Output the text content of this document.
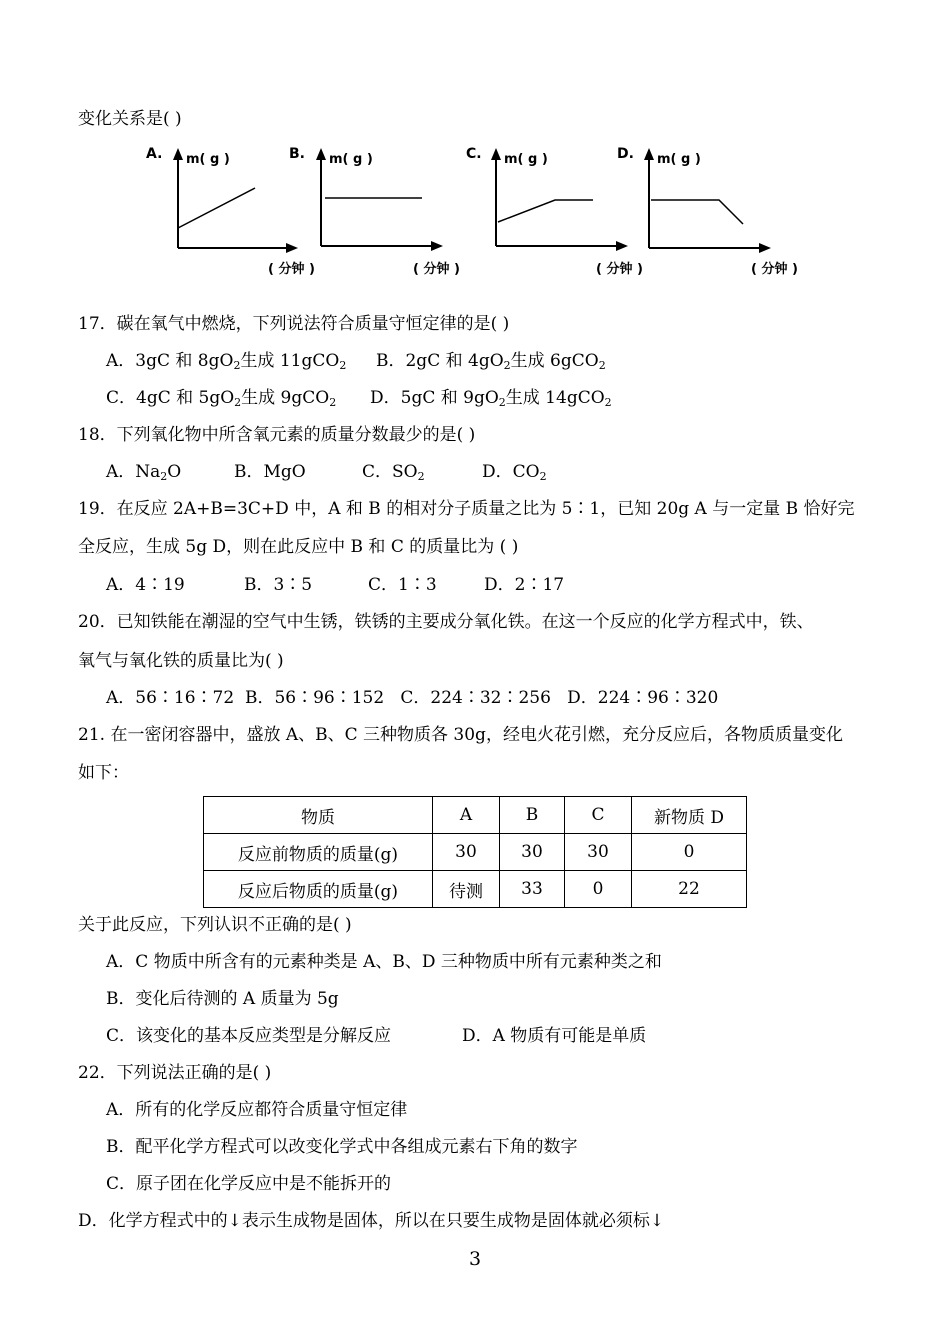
变化关系是( )
A. m( g )
( 分钟 )
B. m( g )
( 分钟 )
C. m( g )
( 分钟 )
D. m( g )
( 分钟 )
17．碳在氧气中燃烧，下列说法符合质量守恒定律的是( )
A．3gC 和 $8gO_2$生成 11gCO$_2$ B．2gC 和 $4gO_2$生成 6gCO$_2$
C．4gC 和 $5gO_2$生成 9gCO$_2$ D．5gC 和 $9gO_2$生成 14gCO$_2$
18．下列氧化物中所含氧元素的质量分数最少的是( )
A．$Na_2O$	B．MgO	C．$SO_2$	D．$CO_2$
19．在反应 2A+B=3C+D 中，A 和 B 的相对分子质量之比为 5∶1，已知 20g A 与一定量 B 恰好完
全反应，生成 5g D，则在此反应中 B 和 C 的质量比为 ( )
A．4∶19	B．3∶5	C．1∶3	D．2∶17
20．已知铁能在潮湿的空气中生锈，铁锈的主要成分氧化铁。在这一个反应的化学方程式中，铁、
氧气与氧化铁的质量比为( )
A．56∶16∶72  B．56∶96∶152   C．224∶32∶256   D．224∶96∶320
21. 在一密闭容器中，盛放 A、B、C 三种物质各 30g，经电火花引燃，充分反应后，各物质质量变化
如下：
物质	A	B	C	新物质 D
反应前物质的质量(g)	30	30	30	0
反应后物质的质量(g)	待测	33	0	22
关于此反应，下列认识不正确的是( )
A．C 物质中所含有的元素种类是 A、B、D 三种物质中所有元素种类之和
B．变化后待测的 A 质量为 5g
C．该变化的基本反应类型是分解反应	D．A 物质有可能是单质
22．下列说法正确的是( )
A．所有的化学反应都符合质量守恒定律
B．配平化学方程式可以改变化学式中各组成元素右下角的数字
C．原子团在化学反应中是不能拆开的
D．化学方程式中的↓表示生成物是固体，所以在只要生成物是固体就必须标↓
3
